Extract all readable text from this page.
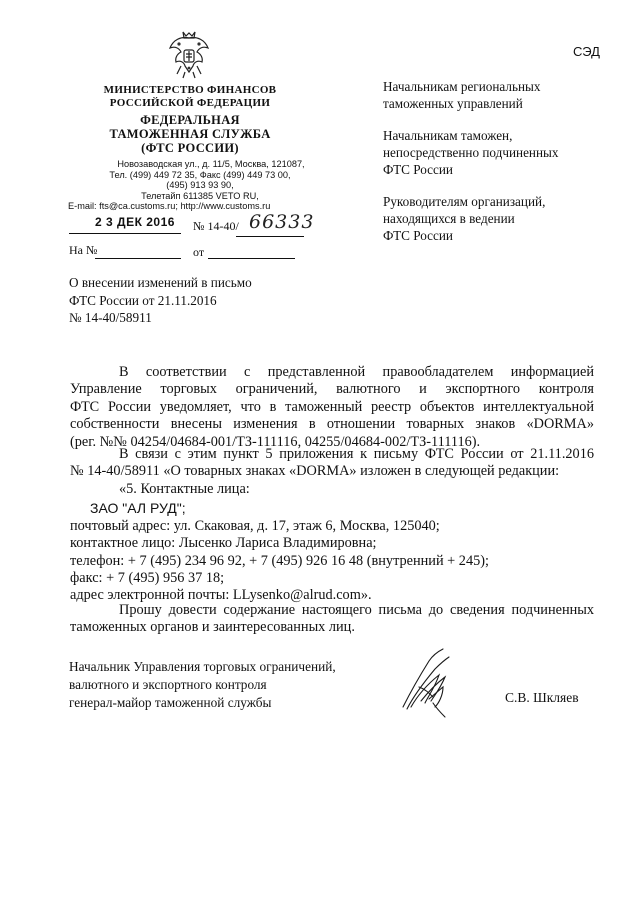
СЭД
МИНИСТЕРСТВО ФИНАНСОВ
РОССИЙСКОЙ ФЕДЕРАЦИИ
ФЕДЕРАЛЬНАЯ
ТАМОЖЕННАЯ СЛУЖБА
(ФТС РОССИИ)
Новозаводская ул., д. 11/5, Москва, 121087,
Тел. (499) 449 72 35, Факс (499) 449 73 00,
(495) 913 93 90,
Телетайп 611385 VETO RU,
E-mail: fts@ca.customs.ru; http://www.customs.ru
2 3 ДЕК 2016 № 14-40/ 66333
На №	от
Начальникам региональных
таможенных управлений
Начальникам таможен,
непосредственно подчиненных
ФТС России
Руководителям организаций,
находящихся в ведении
ФТС России
О внесении изменений в письмо
ФТС России от 21.11.2016
№ 14-40/58911
В соответствии с представленной правообладателем информацией
Управление торговых ограничений, валютного и экспортного контроля
ФТС России уведомляет, что в таможенный реестр объектов интеллектуальной
собственности внесены изменения в отношении товарных знаков «DORMA»
(рег. №№ 04254/04684-001/ТЗ-111116, 04255/04684-002/ТЗ-111116).
В связи с этим пункт 5 приложения к письму ФТС России от 21.11.2016
№ 14-40/58911 «О товарных знаках «DORMA» изложен в следующей редакции:
«5. Контактные лица:
ЗАО "АЛ РУД";
почтовый адрес: ул. Скаковая, д. 17, этаж 6, Москва, 125040;
контактное лицо: Лысенко Лариса Владимировна;
телефон: + 7 (495) 234 96 92, + 7 (495) 926 16 48 (внутренний + 245);
факс: + 7 (495) 956 37 18;
адрес электронной почты: LLysenko@alrud.com».
Прошу довести содержание настоящего письма до сведения подчиненных
таможенных органов и заинтересованных лиц.
Начальник Управления торговых ограничений,
валютного и экспортного контроля
генерал-майор таможенной службы	С.В. Шкляев
